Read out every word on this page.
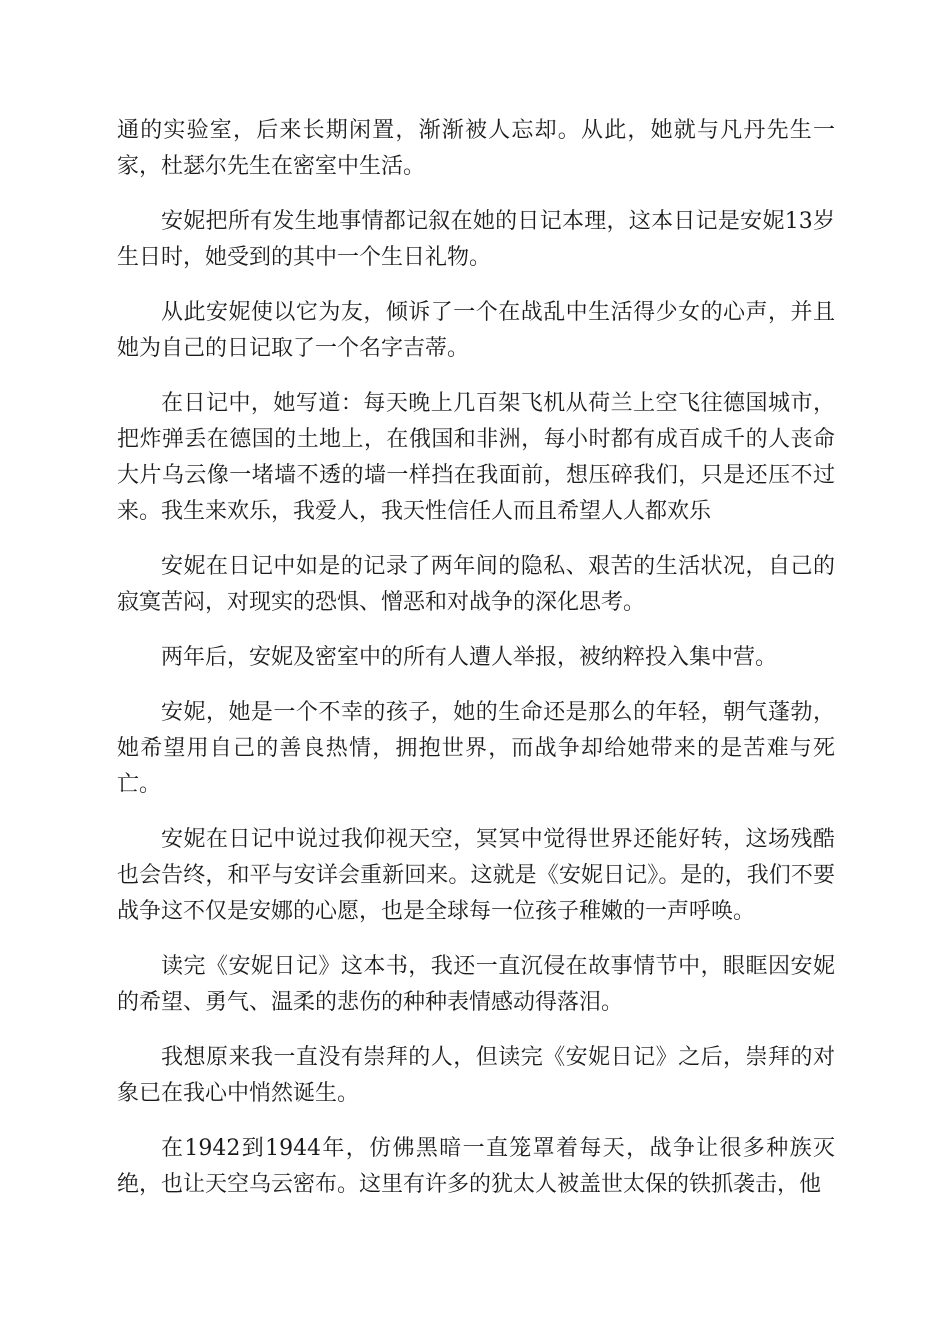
通的实验室，后来长期闲置，渐渐被人忘却。从此，她就与凡丹先生一家，杜瑟尔先生在密室中生活。

安妮把所有发生地事情都记叙在她的日记本理，这本日记是安妮13岁生日时，她受到的其中一个生日礼物。

从此安妮使以它为友，倾诉了一个在战乱中生活得少女的心声，并且她为自己的日记取了一个名字吉蒂。

在日记中，她写道：每天晚上几百架飞机从荷兰上空飞往德国城市，把炸弹丢在德国的土地上，在俄国和非洲，每小时都有成百成千的人丧命大片乌云像一堵墙不透的墙一样挡在我面前，想压碎我们，只是还压不过来。我生来欢乐，我爱人，我天性信任人而且希望人人都欢乐

安妮在日记中如是的记录了两年间的隐私、艰苦的生活状况，自己的寂寞苦闷，对现实的恐惧、憎恶和对战争的深化思考。

两年后，安妮及密室中的所有人遭人举报，被纳粹投入集中营。

安妮，她是一个不幸的孩子，她的生命还是那么的年轻，朝气蓬勃，她希望用自己的善良热情，拥抱世界，而战争却给她带来的是苦难与死亡。

安妮在日记中说过我仰视天空，冥冥中觉得世界还能好转，这场残酷也会告终，和平与安详会重新回来。这就是《安妮日记》。是的，我们不要战争这不仅是安娜的心愿，也是全球每一位孩子稚嫩的一声呼唤。

读完《安妮日记》这本书，我还一直沉侵在故事情节中，眼眶因安妮的希望、勇气、温柔的悲伤的种种表情感动得落泪。

我想原来我一直没有崇拜的人，但读完《安妮日记》之后，崇拜的对象已在我心中悄然诞生。

在1942到1944年，仿佛黑暗一直笼罩着每天，战争让很多种族灭绝，也让天空乌云密布。这里有许多的犹太人被盖世太保的铁抓袭击，他
